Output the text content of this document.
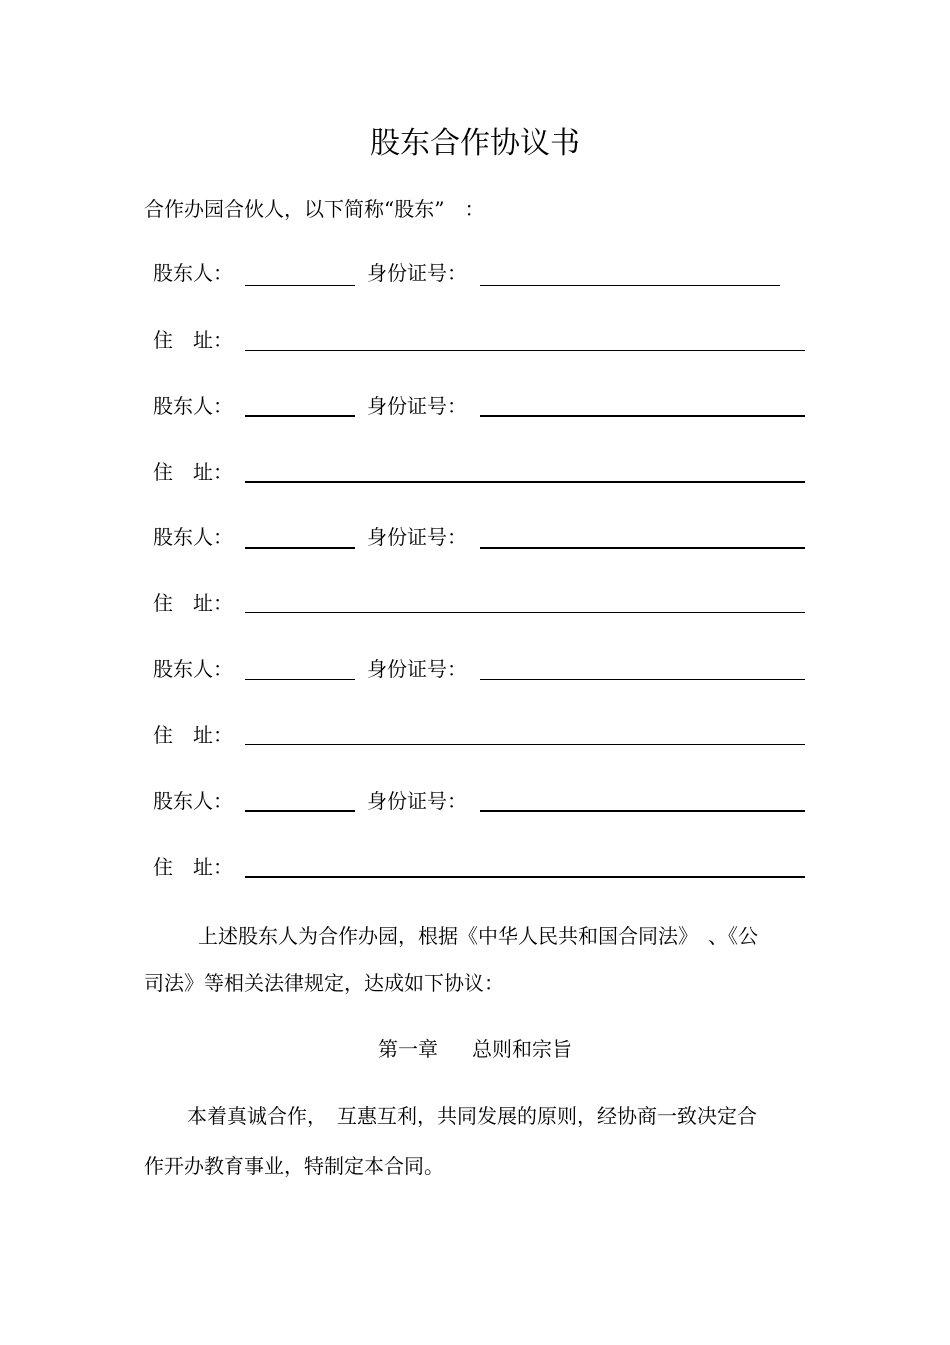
股东合作协议书
合作办园合伙人，以下简称“股东”　：
股东人：	身份证号：
住　址：
股东人：	身份证号：
住　址：
股东人：	身份证号：
住　址：
股东人：	身份证号：
住　址：
股东人：	身份证号：
住　址：
上述股东人为合作办园，根据《中华人民共和国合同法》　、《公
司法》等相关法律规定，达成如下协议：
第一章 总则和宗旨
本着真诚合作，　互惠互利，共同发展的原则，经协商一致决定合
作开办教育事业，特制定本合同。
